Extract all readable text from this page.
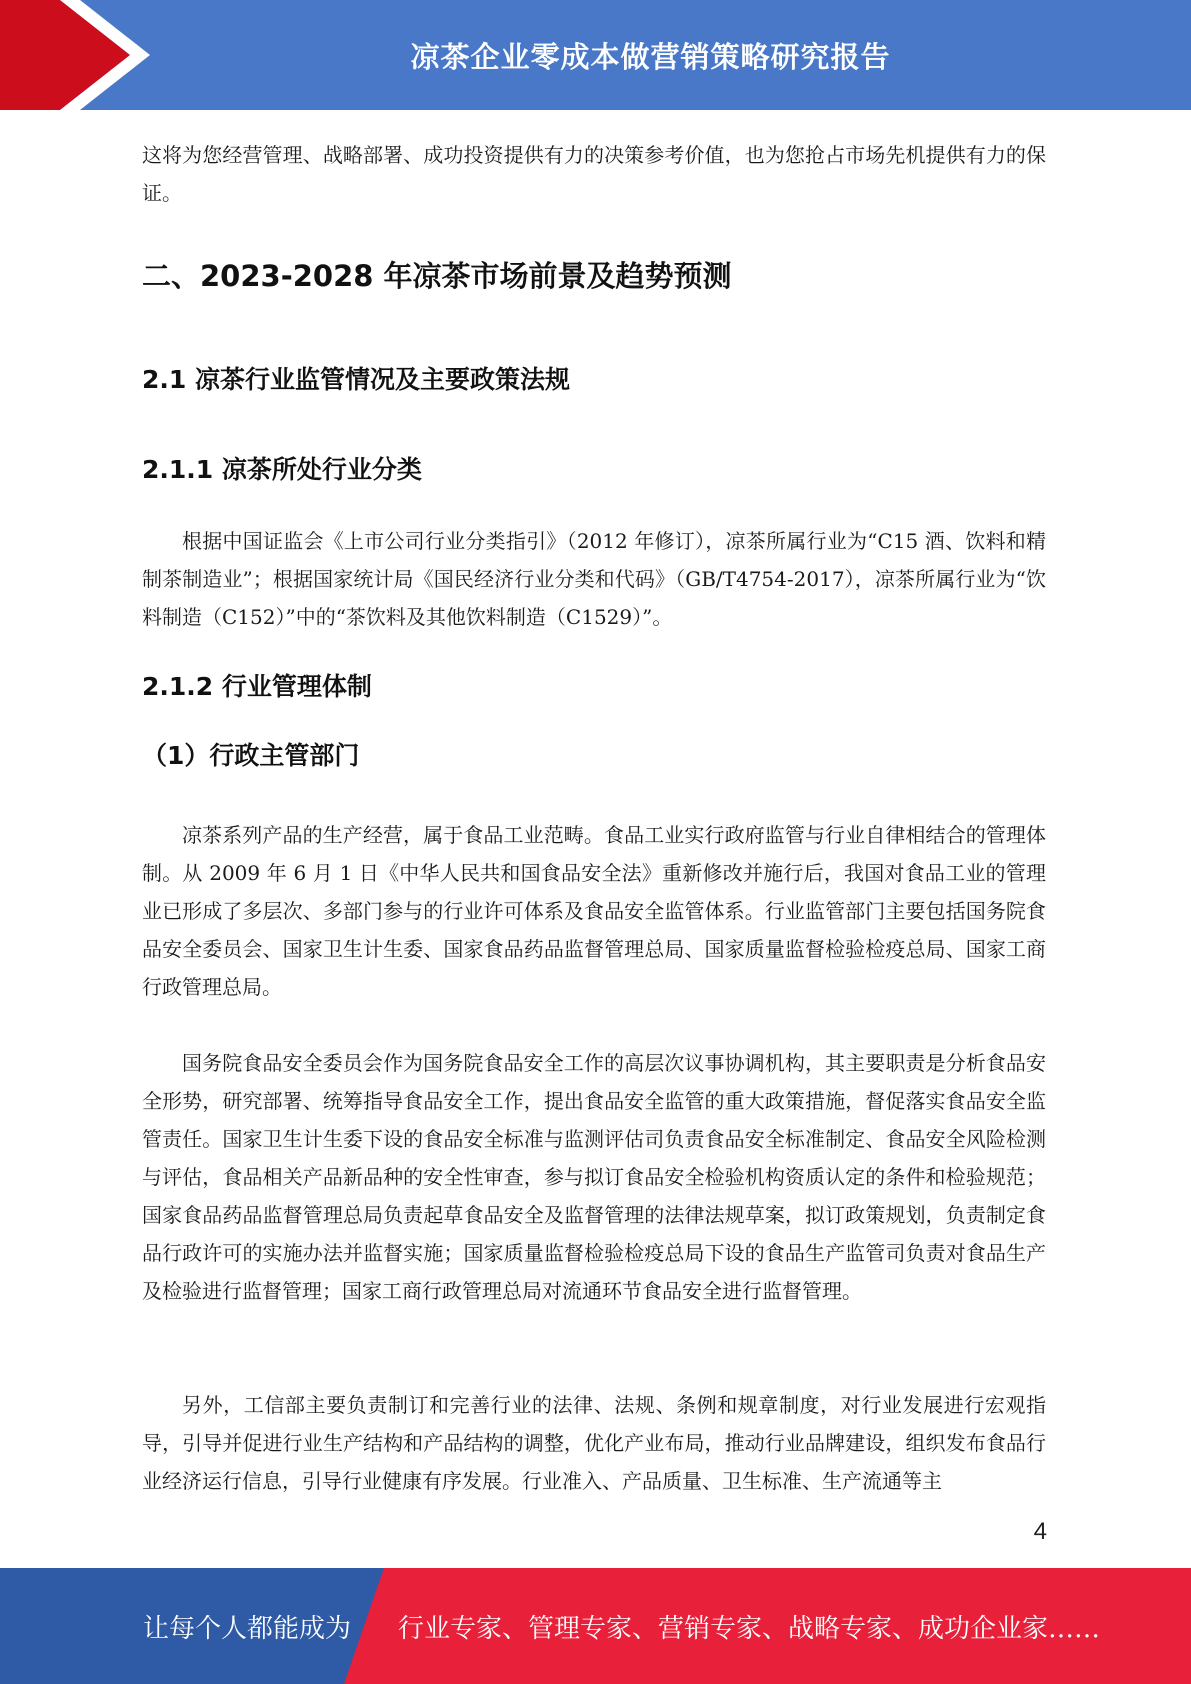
凉茶企业零成本做营销策略研究报告

这将为您经营管理、战略部署、成功投资提供有力的决策参考价值，也为您抢占市场先机提供有力的保证。

二、2023-2028 年凉茶市场前景及趋势预测
2.1 凉茶行业监管情况及主要政策法规
2.1.1 凉茶所处行业分类

根据中国证监会《上市公司行业分类指引》（2012 年修订），凉茶所属行业为“C15 酒、饮料和精制茶制造业”；根据国家统计局《国民经济行业分类和代码》（GB/T4754-2017），凉茶所属行业为“饮料制造（C152）”中的“茶饮料及其他饮料制造（C1529）”。

2.1.2 行业管理体制
（1）行政主管部门

凉茶系列产品的生产经营，属于食品工业范畴。食品工业实行政府监管与行业自律相结合的管理体制。从 2009 年 6 月 1 日《中华人民共和国食品安全法》重新修改并施行后，我国对食品工业的管理业已形成了多层次、多部门参与的行业许可体系及食品安全监管体系。行业监管部门主要包括国务院食品安全委员会、国家卫生计生委、国家食品药品监督管理总局、国家质量监督检验检疫总局、国家工商行政管理总局。

国务院食品安全委员会作为国务院食品安全工作的高层次议事协调机构，其主要职责是分析食品安全形势，研究部署、统筹指导食品安全工作，提出食品安全监管的重大政策措施，督促落实食品安全监管责任。国家卫生计生委下设的食品安全标准与监测评估司负责食品安全标准制定、食品安全风险检测与评估，食品相关产品新品种的安全性审查，参与拟订食品安全检验机构资质认定的条件和检验规范；国家食品药品监督管理总局负责起草食品安全及监督管理的法律法规草案，拟订政策规划，负责制定食品行政许可的实施办法并监督实施；国家质量监督检验检疫总局下设的食品生产监管司负责对食品生产及检验进行监督管理；国家工商行政管理总局对流通环节食品安全进行监督管理。

另外，工信部主要负责制订和完善行业的法律、法规、条例和规章制度，对行业发展进行宏观指导，引导并促进行业生产结构和产品结构的调整，优化产业布局，推动行业品牌建设，组织发布食品行业经济运行信息，引导行业健康有序发展。行业准入、产品质量、卫生标准、生产流通等主

4
让每个人都能成为 行业专家、管理专家、营销专家、战略专家、成功企业家……
